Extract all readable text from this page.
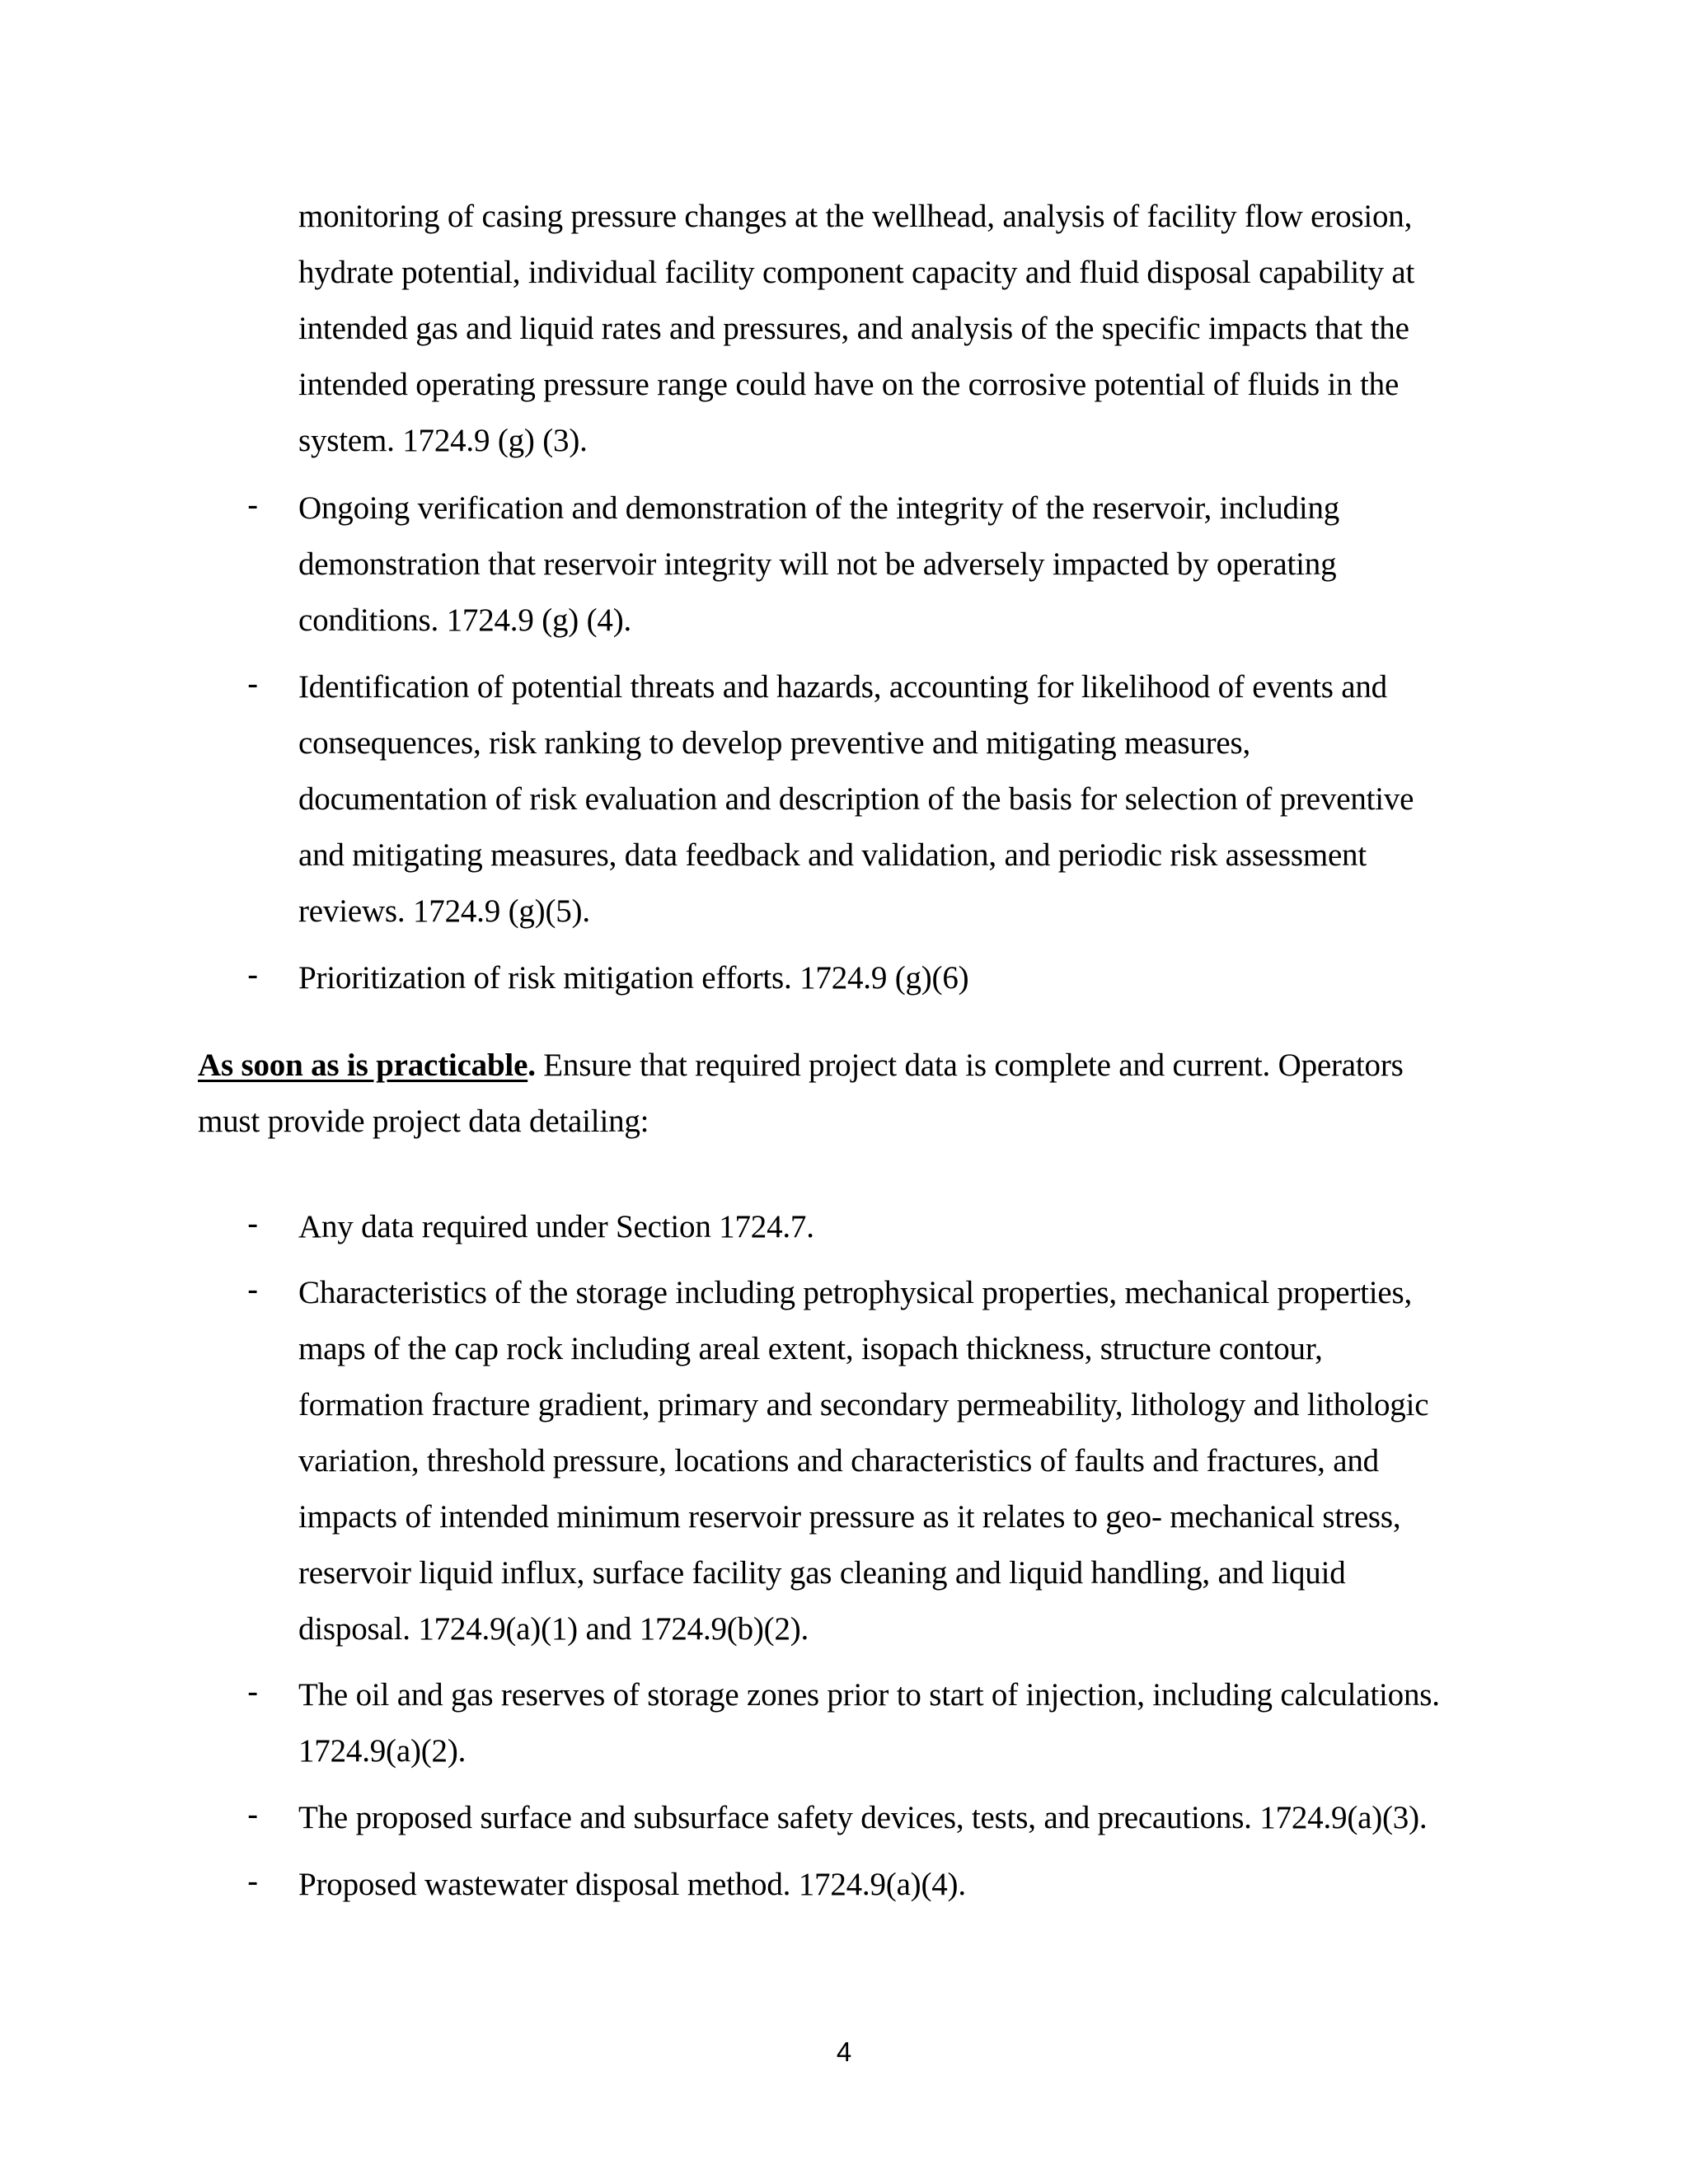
monitoring of casing pressure changes at the wellhead, analysis of facility flow erosion,
hydrate potential, individual facility component capacity and fluid disposal capability at
intended gas and liquid rates and pressures, and analysis of the specific impacts that the
intended operating pressure range could have on the corrosive potential of fluids in the
system. 1724.9 (g) (3).
- Ongoing verification and demonstration of the integrity of the reservoir, including
demonstration that reservoir integrity will not be adversely impacted by operating
conditions. 1724.9 (g) (4).
- Identification of potential threats and hazards, accounting for likelihood of events and
consequences, risk ranking to develop preventive and mitigating measures,
documentation of risk evaluation and description of the basis for selection of preventive
and mitigating measures, data feedback and validation, and periodic risk assessment
reviews. 1724.9 (g)(5).
- Prioritization of risk mitigation efforts. 1724.9 (g)(6)
As soon as is practicable. Ensure that required project data is complete and current. Operators
must provide project data detailing:
- Any data required under Section 1724.7.
- Characteristics of the storage including petrophysical properties, mechanical properties,
maps of the cap rock including areal extent, isopach thickness, structure contour,
formation fracture gradient, primary and secondary permeability, lithology and lithologic
variation, threshold pressure, locations and characteristics of faults and fractures, and
impacts of intended minimum reservoir pressure as it relates to geo- mechanical stress,
reservoir liquid influx, surface facility gas cleaning and liquid handling, and liquid
disposal. 1724.9(a)(1) and 1724.9(b)(2).
- The oil and gas reserves of storage zones prior to start of injection, including calculations.
1724.9(a)(2).
- The proposed surface and subsurface safety devices, tests, and precautions. 1724.9(a)(3).
- Proposed wastewater disposal method. 1724.9(a)(4).
4
